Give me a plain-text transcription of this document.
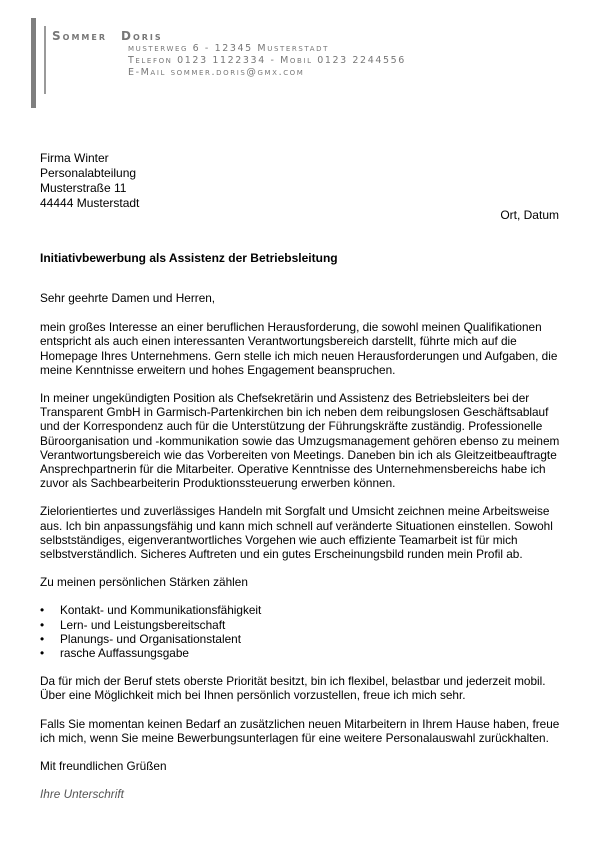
Sommer Doris
musterweg 6 - 12345 Musterstadt
Telefon 0123 1122334 - Mobil 0123 2244556
E-Mail sommer.doris@gmx.com
Firma Winter
Personalabteilung
Musterstraße 11
44444 Musterstadt
Ort, Datum
Initiativbewerbung als Assistenz der Betriebsleitung

Sehr geehrte Damen und Herren,

mein großes Interesse an einer beruflichen Herausforderung, die sowohl meinen Qualifikationen entspricht als auch einen interessanten Verantwortungsbereich darstellt, führte mich auf die Homepage Ihres Unternehmens. Gern stelle ich mich neuen Herausforderungen und Aufgaben, die meine Kenntnisse erweitern und hohes Engagement beanspruchen.

In meiner ungekündigten Position als Chefsekretärin und Assistenz des Betriebsleiters bei der Transparent GmbH in Garmisch-Partenkirchen bin ich neben dem reibungslosen Geschäftsablauf und der Korrespondenz auch für die Unterstützung der Führungskräfte zuständig. Professionelle Büroorganisation und -kommunikation sowie das Umzugsmanagement gehören ebenso zu meinem Verantwortungsbereich wie das Vorbereiten von Meetings. Daneben bin ich als Gleitzeitbeauftragte Ansprechpartnerin für die Mitarbeiter. Operative Kenntnisse des Unternehmensbereichs habe ich zuvor als Sachbearbeiterin Produktionssteuerung erwerben können.

Zielorientiertes und zuverlässiges Handeln mit Sorgfalt und Umsicht zeichnen meine Arbeitsweise aus. Ich bin anpassungsfähig und kann mich schnell auf veränderte Situationen einstellen. Sowohl selbstständiges, eigenverantwortliches Vorgehen wie auch effiziente Teamarbeit ist für mich selbstverständlich. Sicheres Auftreten und ein gutes Erscheinungsbild runden mein Profil ab.

Zu meinen persönlichen Stärken zählen

• Kontakt- und Kommunikationsfähigkeit
• Lern- und Leistungsbereitschaft
• Planungs- und Organisationstalent
• rasche Auffassungsgabe

Da für mich der Beruf stets oberste Priorität besitzt, bin ich flexibel, belastbar und jederzeit mobil. Über eine Möglichkeit mich bei Ihnen persönlich vorzustellen, freue ich mich sehr.

Falls Sie momentan keinen Bedarf an zusätzlichen neuen Mitarbeitern in Ihrem Hause haben, freue ich mich, wenn Sie meine Bewerbungsunterlagen für eine weitere Personalauswahl zurückhalten.

Mit freundlichen Grüßen

Ihre Unterschrift
